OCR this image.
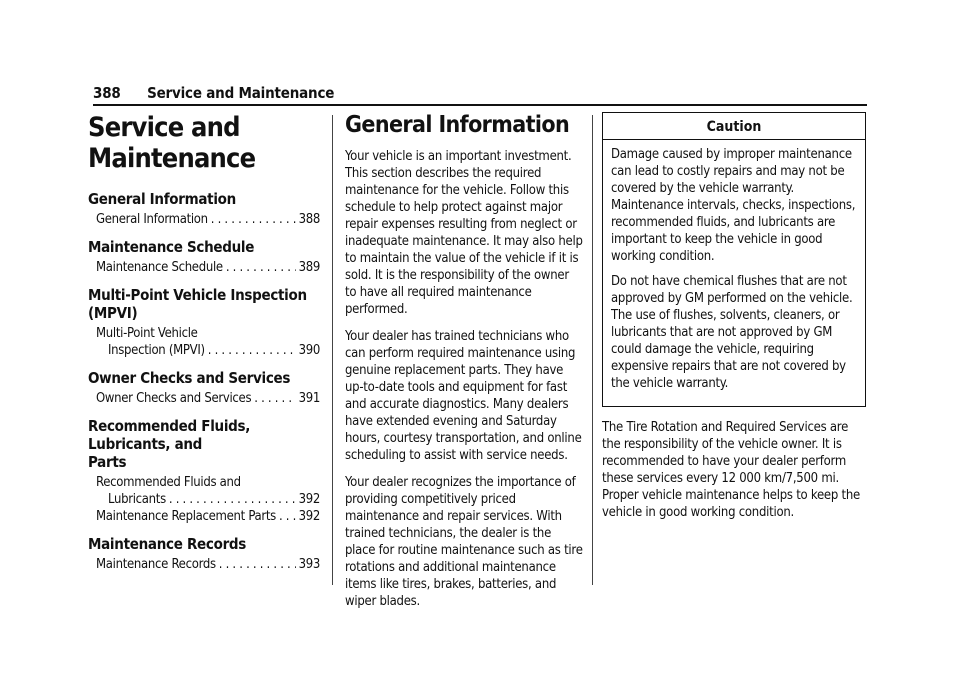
388 Service and Maintenance
Service and Maintenance
General Information
General Information . . .	388
Maintenance Schedule
Maintenance Schedule . . .	389
Multi-Point Vehicle Inspection (MPVI)
Multi-Point Vehicle
Inspection (MPVI) . . .	390
Owner Checks and Services
Owner Checks and Services . . .	391
Recommended Fluids, Lubricants, and
Parts
Recommended Fluids and
Lubricants . . .	392
Maintenance Replacement Parts . . . 392
Maintenance Records
Maintenance Records . . .	393
General Information

Your vehicle is an important investment. This section describes the required maintenance for the vehicle. Follow this schedule to help protect against major repair expenses resulting from neglect or inadequate maintenance. It may also help to maintain the value of the vehicle if it is sold. It is the responsibility of the owner to have all required maintenance performed.

Your dealer has trained technicians who can perform required maintenance using genuine replacement parts. They have up-to-date tools and equipment for fast and accurate diagnostics. Many dealers have extended evening and Saturday hours, courtesy transportation, and online scheduling to assist with service needs.

Your dealer recognizes the importance of providing competitively priced maintenance and repair services. With trained technicians, the dealer is the place for routine maintenance such as tire rotations and additional maintenance items like tires, brakes, batteries, and wiper blades.

Caution

Damage caused by improper maintenance can lead to costly repairs and may not be covered by the vehicle warranty. Maintenance intervals, checks, inspections, recommended fluids, and lubricants are important to keep the vehicle in good working condition.

Do not have chemical flushes that are not approved by GM performed on the vehicle. The use of flushes, solvents, cleaners, or lubricants that are not approved by GM could damage the vehicle, requiring expensive repairs that are not covered by the vehicle warranty.

The Tire Rotation and Required Services are the responsibility of the vehicle owner. It is recommended to have your dealer perform these services every 12 000 km/7,500 mi. Proper vehicle maintenance helps to keep the vehicle in good working condition.
